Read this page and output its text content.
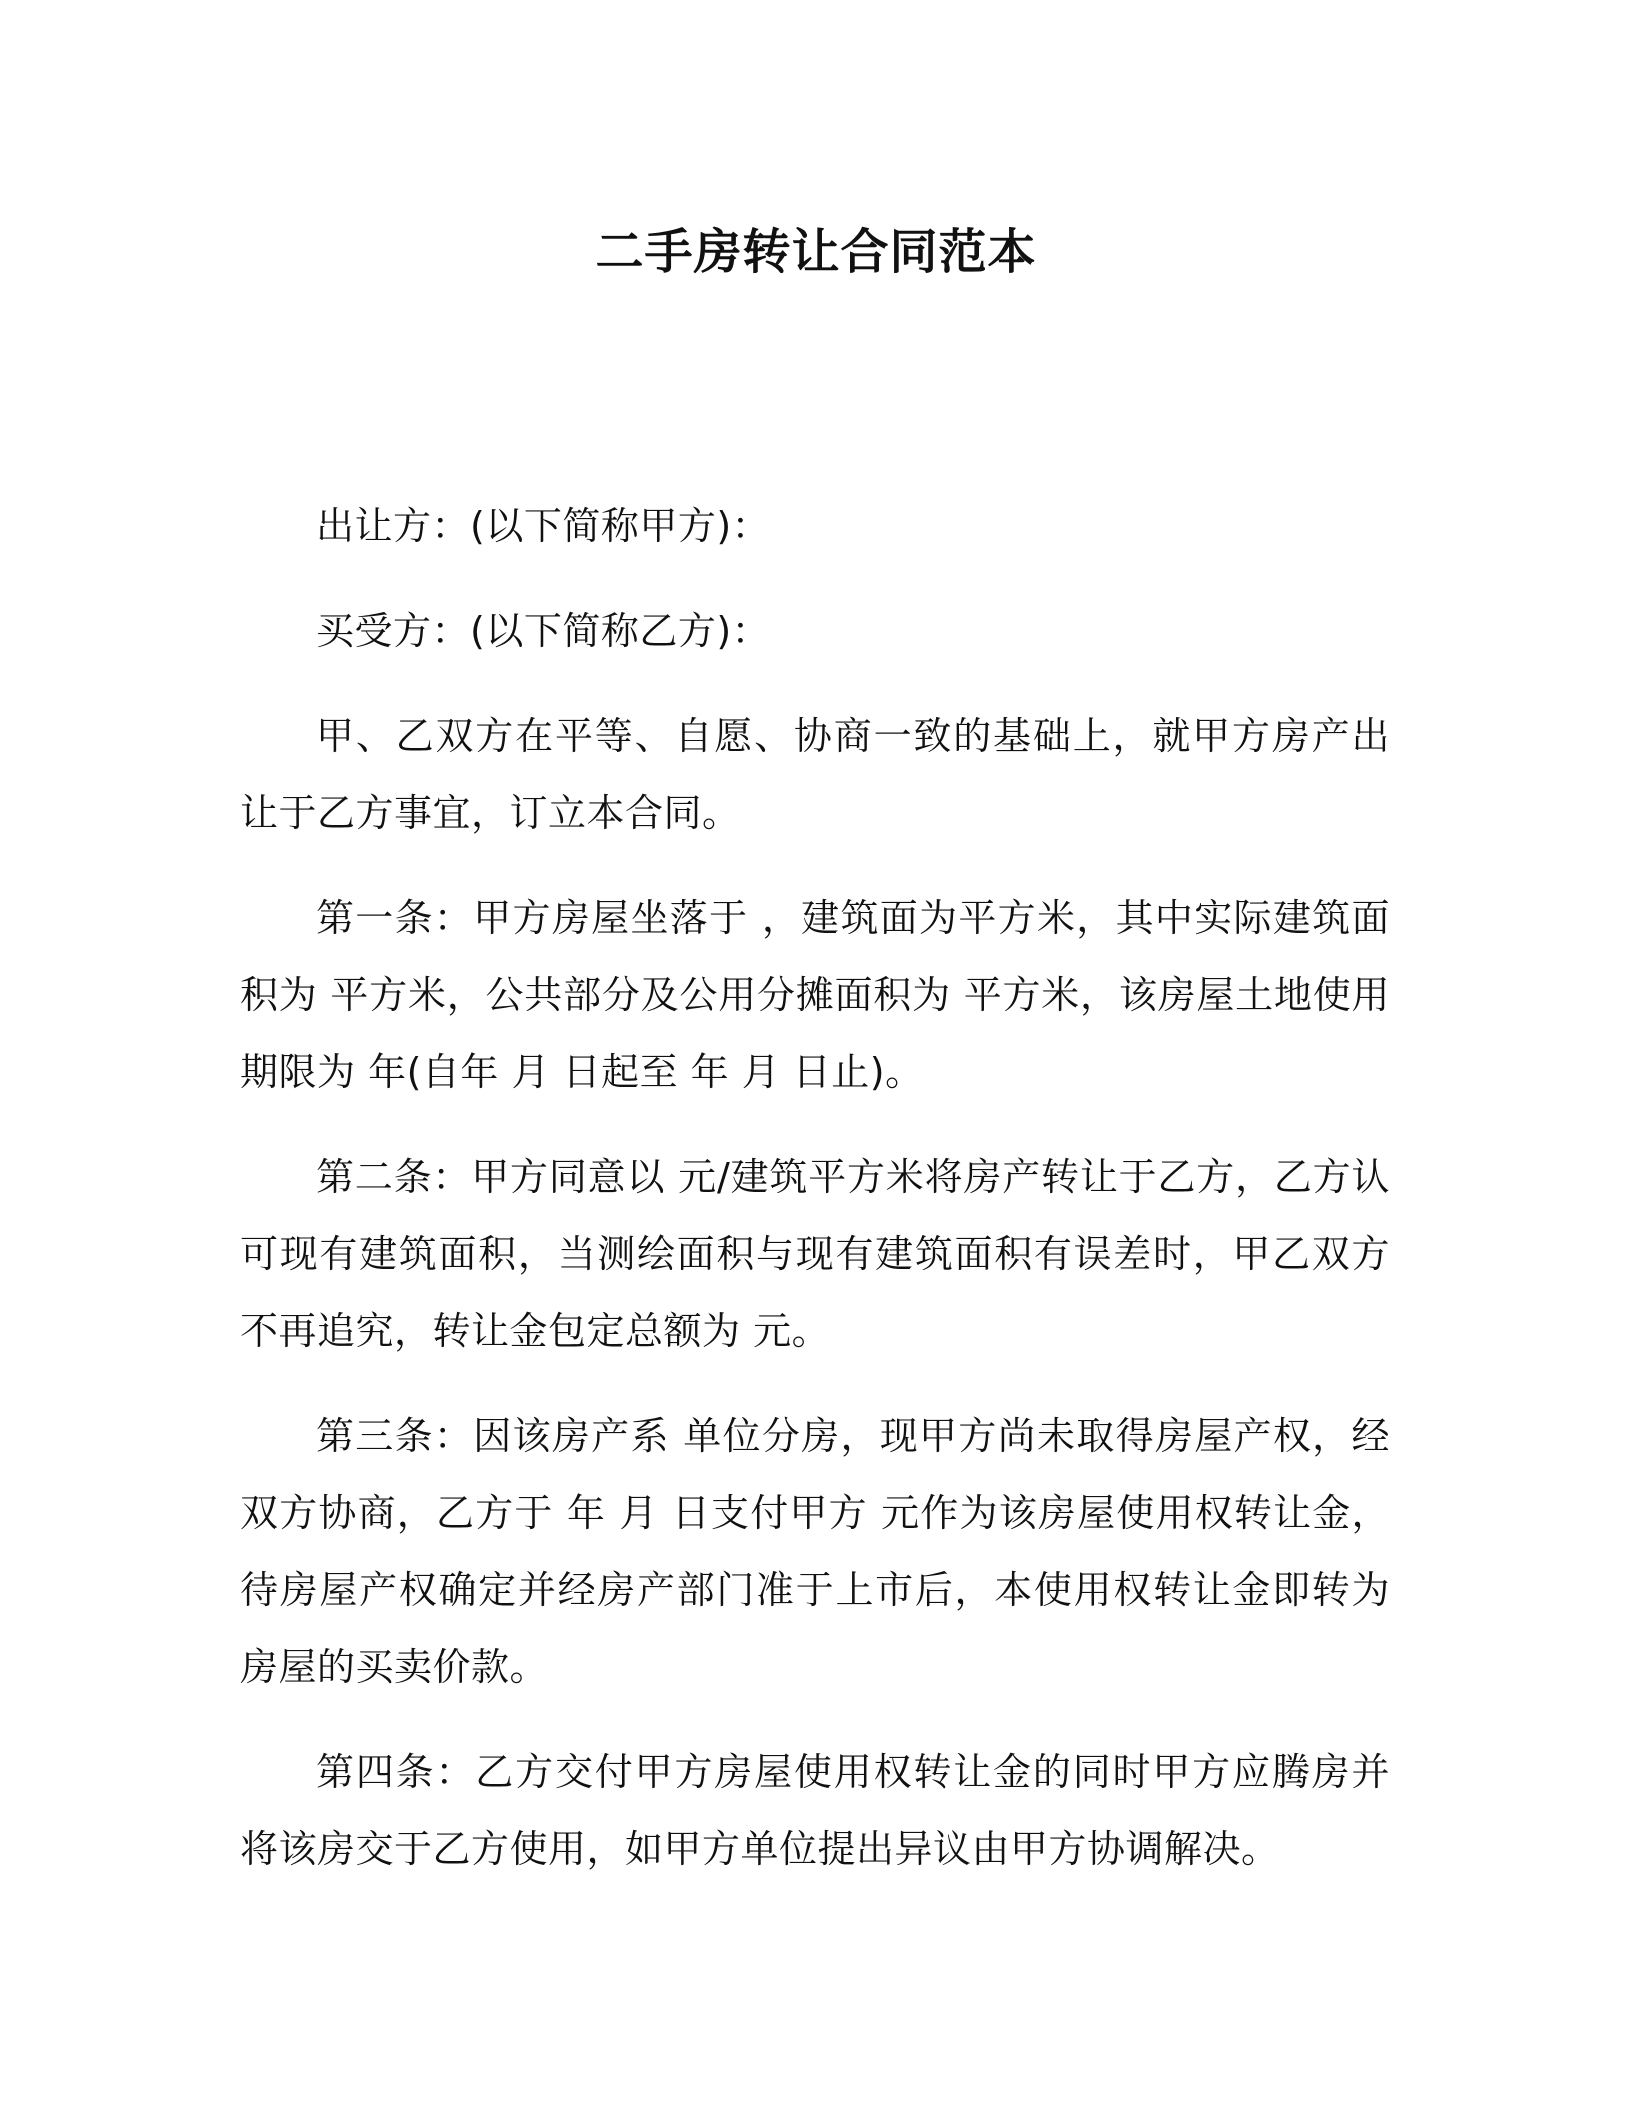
二手房转让合同范本

出让方：(以下简称甲方)：

买受方：(以下简称乙方)：

甲、乙双方在平等、自愿、协商一致的基础上，就甲方房产出让于乙方事宜，订立本合同。

第一条：甲方房屋坐落于 ，建筑面为平方米，其中实际建筑面积为 平方米，公共部分及公用分摊面积为 平方米，该房屋土地使用期限为 年(自年 月 日起至 年 月 日止)。

第二条：甲方同意以 元/建筑平方米将房产转让于乙方，乙方认可现有建筑面积，当测绘面积与现有建筑面积有误差时，甲乙双方不再追究，转让金包定总额为 元。

第三条：因该房产系 单位分房，现甲方尚未取得房屋产权，经双方协商，乙方于 年 月 日支付甲方 元作为该房屋使用权转让金，待房屋产权确定并经房产部门准于上市后，本使用权转让金即转为房屋的买卖价款。

第四条：乙方交付甲方房屋使用权转让金的同时甲方应腾房并将该房交于乙方使用，如甲方单位提出异议由甲方协调解决。
